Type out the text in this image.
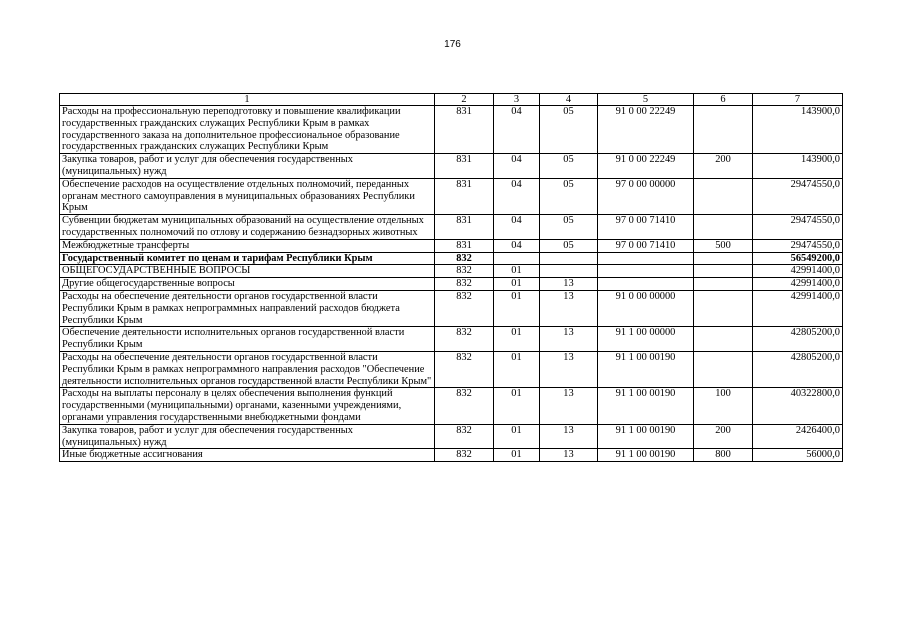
176
1	2	3	4	5	6	7
Расходы на профессиональную переподготовку и повышение квалификации государственных гражданских служащих Республики Крым в рамках государственного заказа на дополнительное профессиональное образование государственных гражданских служащих Республики Крым	831	04	05	91 0 00 22249		143900,0
Закупка товаров, работ и услуг для обеспечения государственных (муниципальных) нужд	831	04	05	91 0 00 22249	200	143900,0
Обеспечение расходов на осуществление отдельных полномочий, переданных органам местного самоуправления в муниципальных образованиях Республики Крым	831	04	05	97 0 00 00000		29474550,0
Субвенции бюджетам муниципальных образований на осуществление отдельных государственных полномочий по отлову и содержанию безнадзорных животных	831	04	05	97 0 00 71410		29474550,0
Межбюджетные трансферты	831	04	05	97 0 00 71410	500	29474550,0
Государственный комитет по ценам и тарифам Республики Крым	832					56549200,0
ОБЩЕГОСУДАРСТВЕННЫЕ ВОПРОСЫ	832	01				42991400,0
Другие общегосударственные вопросы	832	01	13			42991400,0
Расходы на обеспечение деятельности органов государственной власти Республики Крым в рамках непрограммных направлений расходов бюджета Республики Крым	832	01	13	91 0 00 00000		42991400,0
Обеспечение деятельности исполнительных органов государственной власти Республики Крым	832	01	13	91 1 00 00000		42805200,0
Расходы на обеспечение деятельности органов государственной власти Республики Крым в рамках непрограммного направления расходов "Обеспечение деятельности исполнительных органов государственной власти Республики Крым"	832	01	13	91 1 00 00190		42805200,0
Расходы на выплаты персоналу в целях обеспечения выполнения функций государственными (муниципальными) органами, казенными учреждениями, органами управления государственными внебюджетными фондами	832	01	13	91 1 00 00190	100	40322800,0
Закупка товаров, работ и услуг для обеспечения государственных (муниципальных) нужд	832	01	13	91 1 00 00190	200	2426400,0
Иные бюджетные ассигнования	832	01	13	91 1 00 00190	800	56000,0
